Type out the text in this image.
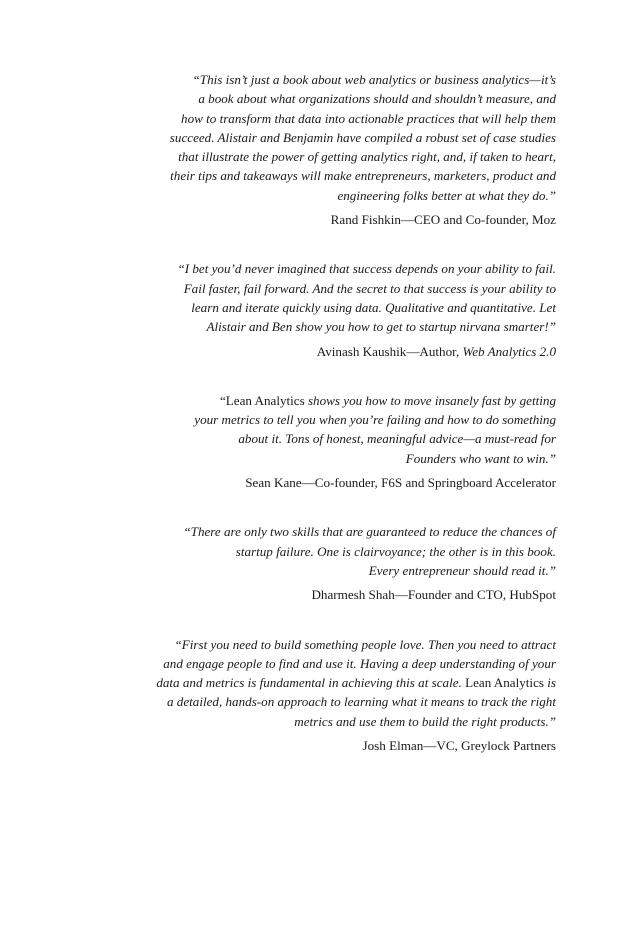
“This isn’t just a book about web analytics or business analytics—it’s
a book about what organizations should and shouldn’t measure, and
how to transform that data into actionable practices that will help them
succeed. Alistair and Benjamin have compiled a robust set of case studies
that illustrate the power of getting analytics right, and, if taken to heart,
their tips and takeaways will make entrepreneurs, marketers, product and
engineering folks better at what they do.”

Rand Fishkin—CEO and Co-founder, Moz

“I bet you’d never imagined that success depends on your ability to fail.
Fail faster, fail forward. And the secret to that success is your ability to
learn and iterate quickly using data. Qualitative and quantitative. Let
Alistair and Ben show you how to get to startup nirvana smarter!”

Avinash Kaushik—Author, Web Analytics 2.0

“Lean Analytics shows you how to move insanely fast by getting
your metrics to tell you when you’re failing and how to do something
about it. Tons of honest, meaningful advice—a must-read for
Founders who want to win.”

Sean Kane—Co-founder, F6S and Springboard Accelerator

“There are only two skills that are guaranteed to reduce the chances of
startup failure. One is clairvoyance; the other is in this book.
Every entrepreneur should read it.”

Dharmesh Shah—Founder and CTO, HubSpot

“First you need to build something people love. Then you need to attract
and engage people to find and use it. Having a deep understanding of your
data and metrics is fundamental in achieving this at scale. Lean Analytics is
a detailed, hands-on approach to learning what it means to track the right
metrics and use them to build the right products.”

Josh Elman—VC, Greylock Partners
